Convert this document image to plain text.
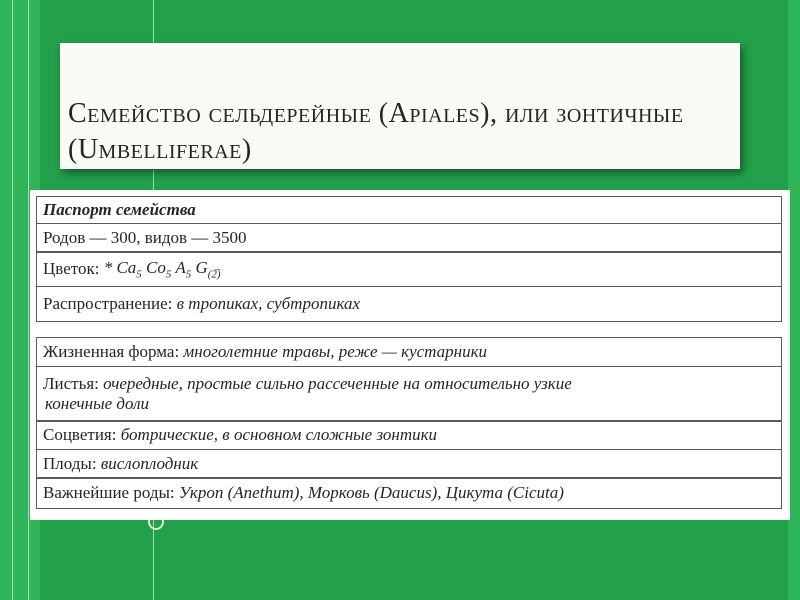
Семейство сельдерейные (Apiales), или зонтичные (Umbelliferae)
Паспорт семейства
Родов — 300, видов — 3500
Цветок: * $Ca_5$ $Co_5$ $A_5$ $G_{(2̅)}$
Распространение: в тропиках, субтропиках
Жизненная форма: многолетние травы, реже — кустарники
Листья: очередные, простые сильно рассеченные на относительно узкие
конечные доли
Соцветия: ботрические, в основном сложные зонтики
Плоды: вислоплодник
Важнейшие роды: Укроп (Anethum), Морковь (Daucus), Цикута (Cicuta)
